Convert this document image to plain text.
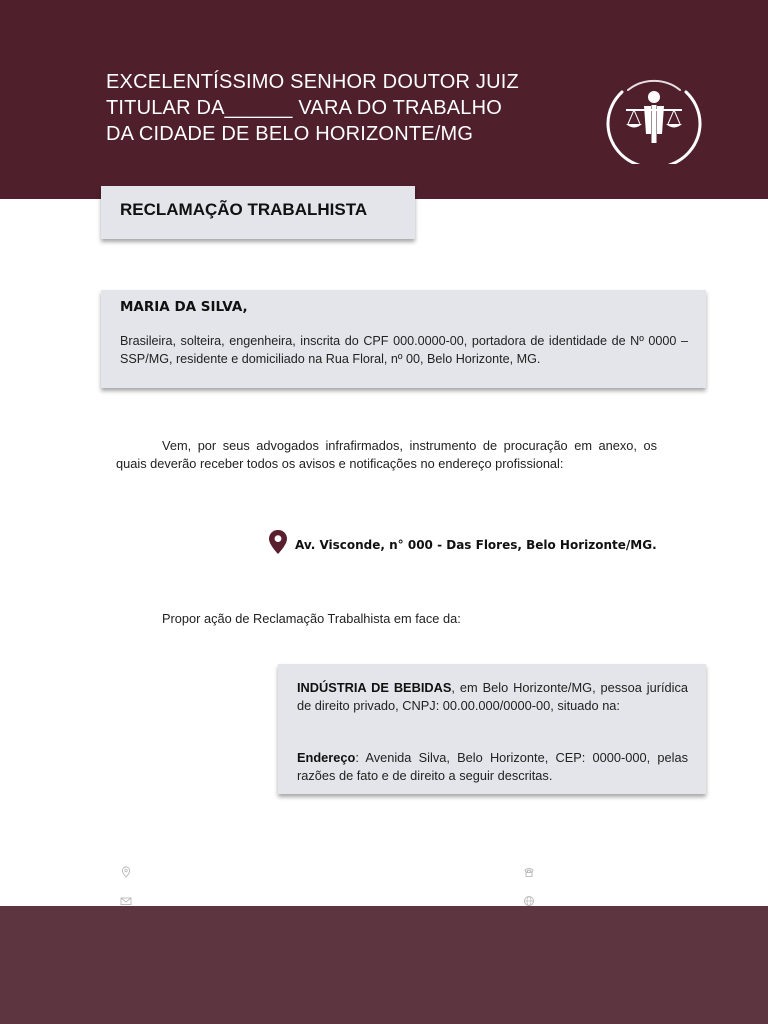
EXCELENTÍSSIMO SENHOR DOUTOR JUIZ
TITULAR DA______ VARA DO TRABALHO
DA CIDADE DE BELO HORIZONTE/MG
RECLAMAÇÃO TRABALHISTA
MARIA DA SILVA,
Brasileira, solteira, engenheira, inscrita do CPF 000.0000-00, portadora de identidade de Nº 0000 – SSP/MG, residente e domiciliado na Rua Floral, nº 00, Belo Horizonte, MG.
Vem, por seus advogados infrafirmados, instrumento de procuração em anexo, os quais deverão receber todos os avisos e notificações no endereço profissional:
Av. Visconde, n° 000 - Das Flores, Belo Horizonte/MG.
Propor ação de Reclamação Trabalhista em face da:

INDÚSTRIA DE BEBIDAS, em Belo Horizonte/MG, pessoa jurídica de direito privado, CNPJ: 00.00.000/0000-00, situado na:

Endereço: Avenida Silva, Belo Horizonte, CEP: 0000-000, pelas razões de fato e de direito a seguir descritas.
